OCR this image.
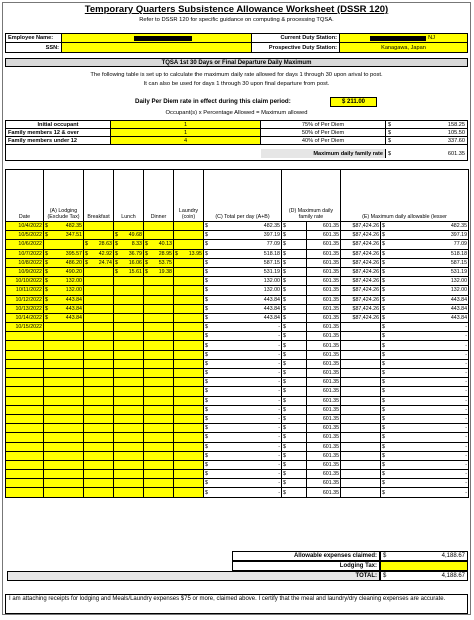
Temporary Quarters Subsistence Allowance Worksheet (DSSR 120)
Refer to DSSR 120 for specific guidance on computing & processing TQSA.
Employee Name:	Current Duty Station:	NJ
SSN:	Prospective Duty Station:	Kanagawa, Japan
TQSA 1st 30 Days or Final Departure Daily Maximum
The following table is set up to calculate the maximum daily rate allowed for days 1 through 30 upon arival to post.
It can also be used for days 1 through 30 upon final departure from post.
Daily Per Diem rate in effect during this claim period:	$ 211.00
Occupant(s) x Percentage Allowed = Maximum allowed
Initial occupant	1	75% of Per Diem	$	158.25
Family members 12 & over	1	50% of Per Diem	$	105.50
Family members under 12	4	40% of Per Diem	$	337.60
Maximum daily family rate $	601.35
Date	(A) Lodging (Exclude Tax)	Breakfast	Lunch	Dinner	Laundry (coin)	(C) Total per day (A+B)	(D) Maximum daily family rate		(E) Maximum daily allowable (lesser	
10/4/2022	$ 482.35					$ 482.35	$	601.35	$87,424.26	$ 482.35

10/5/2022	$ 347.51		$ 49.68			$ 397.19	$	601.35	$87,424.26	$ 397.19

10/6/2022		$ 28.63	$ 8.33	$ 40.13		$ 77.09	$	601.35	$87,424.26	$ 77.09

10/7/2022	$ 395.57	$ 42.92	$ 36.79	$ 28.95	$ 13.95	$ 518.18	$	601.35	$87,424.26	$ 518.18

10/8/2022	$ 486.20	$ 24.74	$ 16.06	$ 53.75		$ 587.15	$	601.35	$87,424.26	$ 587.15

10/9/2022	$ 490.20		$ 15.61	$ 19.38		$ 531.19	$	601.35	$87,424.26	$ 531.19

10/10/2022	$ 132.00					$ 132.00	$	601.35	$87,424.26	$ 132.00

10/11/2022	$ 132.00					$ 132.00	$	601.35	$87,424.26	$ 132.00

10/12/2022	$ 443.84					$ 443.84	$	601.35	$87,424.26	$ 443.84

10/13/2022	$ 443.84					$ 443.84	$	601.35	$87,424.26	$ 443.84

10/14/2022	$ 443.84					$ 443.84	$	601.35	$87,424.26	$ 443.84

10/15/2022						$ -	$	601.35		$ -

						$ -	$	601.35		$ -

						$ -	$	601.35		$ -

						$ -	$	601.35		$ -

						$ -	$	601.35		$ -

						$ -	$	601.35		$ -

						$ -	$	601.35		$ -

						$ -	$	601.35		$ -

						$ -	$	601.35		$ -

						$ -	$	601.35		$ -

						$ -	$	601.35		$ -

						$ -	$	601.35		$ -

						$ -	$	601.35		$ -

						$ -	$	601.35		$ -

						$ -	$	601.35		$ -

						$ -	$	601.35		$ -

						$ -	$	601.35		$ -

						$ -	$	601.35		$ -

						$ -	$	601.35		$ -
Allowable expenses claimed:	$	4,188.67
Lodging Tax:
TOTAL:	$	4,188.67
I am attaching receipts for lodging and Meals/Laundry expenses $75 or more, claimed above. I certify that the meal and laundry/dry cleaning expenses are accurate.
